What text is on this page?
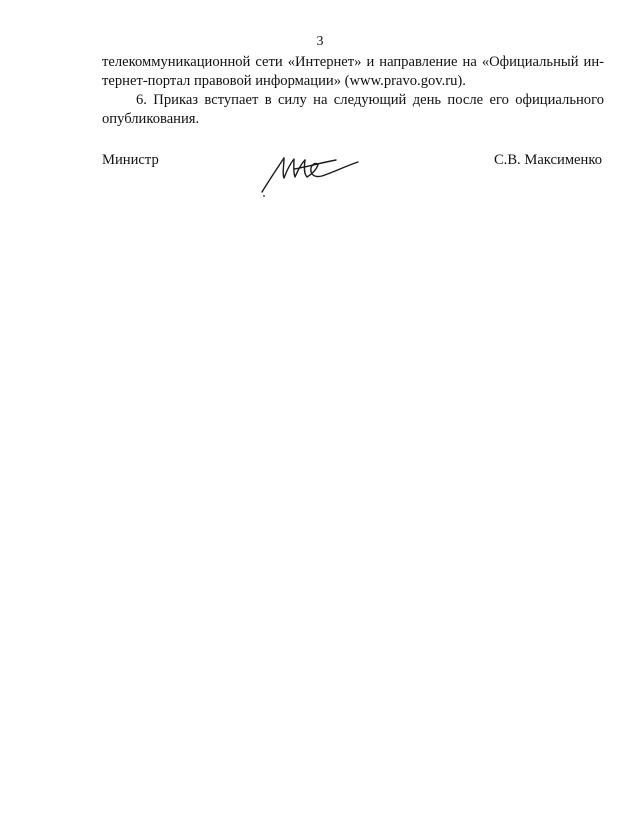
3

телекоммуникационной сети «Интернет» и направление на «Официальный ин-
тернет-портал правовой информации» (www.pravo.gov.ru).

6. Приказ вступает в силу на следующий день после его официального
опубликования.

Министр	С.В. Максименко
